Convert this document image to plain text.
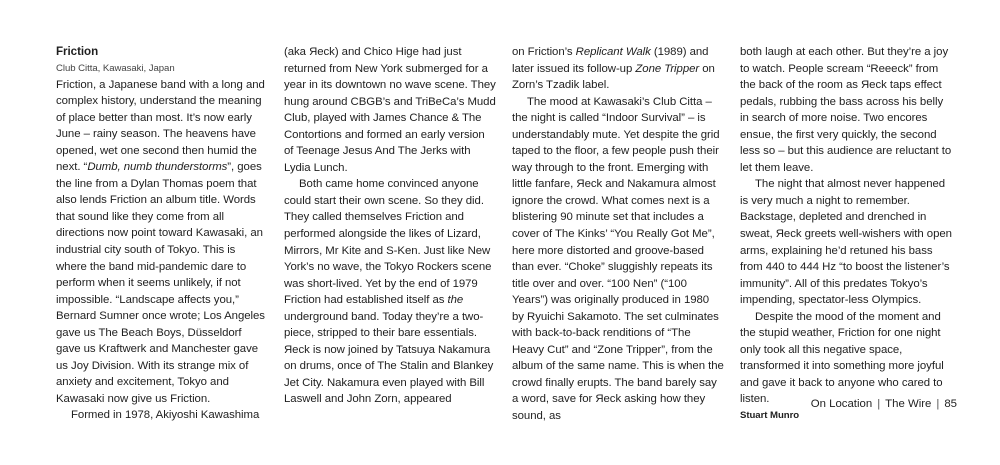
Friction

Club Citta, Kawasaki, Japan

Friction, a Japanese band with a long and complex history, understand the meaning of place better than most. It’s now early June – rainy season. The heavens have opened, wet one second then humid the next. “Dumb, numb thunderstorms”, goes the line from a Dylan Thomas poem that also lends Friction an album title. Words that sound like they come from all directions now point toward Kawasaki, an industrial city south of Tokyo. This is where the band mid-pandemic dare to perform when it seems unlikely, if not impossible. “Landscape affects you,” Bernard Sumner once wrote; Los Angeles gave us The Beach Boys, Düsseldorf gave us Kraftwerk and Manchester gave us Joy Division. With its strange mix of anxiety and excitement, Tokyo and Kawasaki now give us Friction.

Formed in 1978, Akiyoshi Kawashima

(aka Яeck) and Chico Hige had just returned from New York submerged for a year in its downtown no wave scene. They hung around CBGB’s and TriBeCa’s Mudd Club, played with James Chance & The Contortions and formed an early version of Teenage Jesus And The Jerks with Lydia Lunch.

Both came home convinced anyone could start their own scene. So they did. They called themselves Friction and performed alongside the likes of Lizard, Mirrors, Mr Kite and S-Ken. Just like New York’s no wave, the Tokyo Rockers scene was short-lived. Yet by the end of 1979 Friction had established itself as the underground band. Today they’re a two-piece, stripped to their bare essentials. Яeck is now joined by Tatsuya Nakamura on drums, once of The Stalin and Blankey Jet City. Nakamura even played with Bill Laswell and John Zorn, appeared

on Friction’s Replicant Walk (1989) and later issued its follow-up Zone Tripper on Zorn’s Tzadik label.

The mood at Kawasaki’s Club Citta – the night is called “Indoor Survival” – is understandably mute. Yet despite the grid taped to the floor, a few people push their way through to the front. Emerging with little fanfare, Яeck and Nakamura almost ignore the crowd. What comes next is a blistering 90 minute set that includes a cover of The Kinks’ “You Really Got Me”, here more distorted and groove-based than ever. “Choke” sluggishly repeats its title over and over. “100 Nen” (“100 Years”) was originally produced in 1980 by Ryuichi Sakamoto. The set culminates with back-to-back renditions of “The Heavy Cut” and “Zone Tripper”, from the album of the same name. This is when the crowd finally erupts. The band barely say a word, save for Яeck asking how they sound, as

both laugh at each other. But they’re a joy to watch. People scream “Reeeck” from the back of the room as Яeck taps effect pedals, rubbing the bass across his belly in search of more noise. Two encores ensue, the first very quickly, the second less so – but this audience are reluctant to let them leave.

The night that almost never happened is very much a night to remember. Backstage, depleted and drenched in sweat, Яeck greets well-wishers with open arms, explaining he’d retuned his bass from 440 to 444 Hz “to boost the listener’s immunity”. All of this predates Tokyo’s impending, spectator-less Olympics.

Despite the mood of the moment and the stupid weather, Friction for one night only took all this negative space, transformed it into something more joyful and gave it back to anyone who cared to listen.

Stuart Munro

On Location | The Wire | 85
